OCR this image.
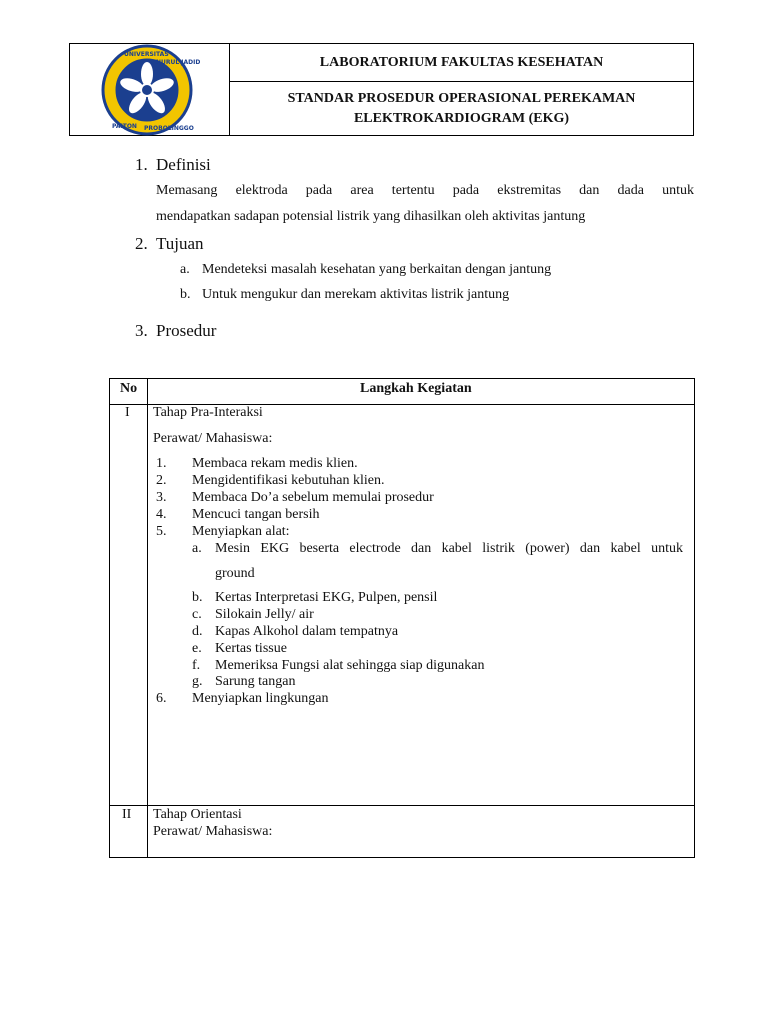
UNIVERSITAS
NURUL JADID
PAITON PROBOLINGGO
LABORATORIUM FAKULTAS KESEHATAN
STANDAR PROSEDUR OPERASIONAL PEREKAMAN
ELEKTROKARDIOGRAM (EKG)
1. Definisi
Memasang elektroda pada area tertentu pada ekstremitas dan dada untuk
mendapatkan sadapan potensial listrik yang dihasilkan oleh aktivitas jantung
2. Tujuan
a. Mendeteksi masalah kesehatan yang berkaitan dengan jantung
b. Untuk mengukur dan merekam aktivitas listrik jantung
3. Prosedur
No	Langkah Kegiatan
I Tahap Pra-Interaksi
Perawat/ Mahasiswa:
1. Membaca rekam medis klien.
2. Mengidentifikasi kebutuhan klien.
3. Membaca Do’a sebelum memulai prosedur
4. Mencuci tangan bersih
5. Menyiapkan alat:
a. Mesin EKG beserta electrode dan kabel listrik (power) dan kabel untuk
ground
b. Kertas Interpretasi EKG, Pulpen, pensil
c. Silokain Jelly/ air
d. Kapas Alkohol dalam tempatnya
e. Kertas tissue
f. Memeriksa Fungsi alat sehingga siap digunakan
g. Sarung tangan
6. Menyiapkan lingkungan
II Tahap Orientasi
Perawat/ Mahasiswa:
